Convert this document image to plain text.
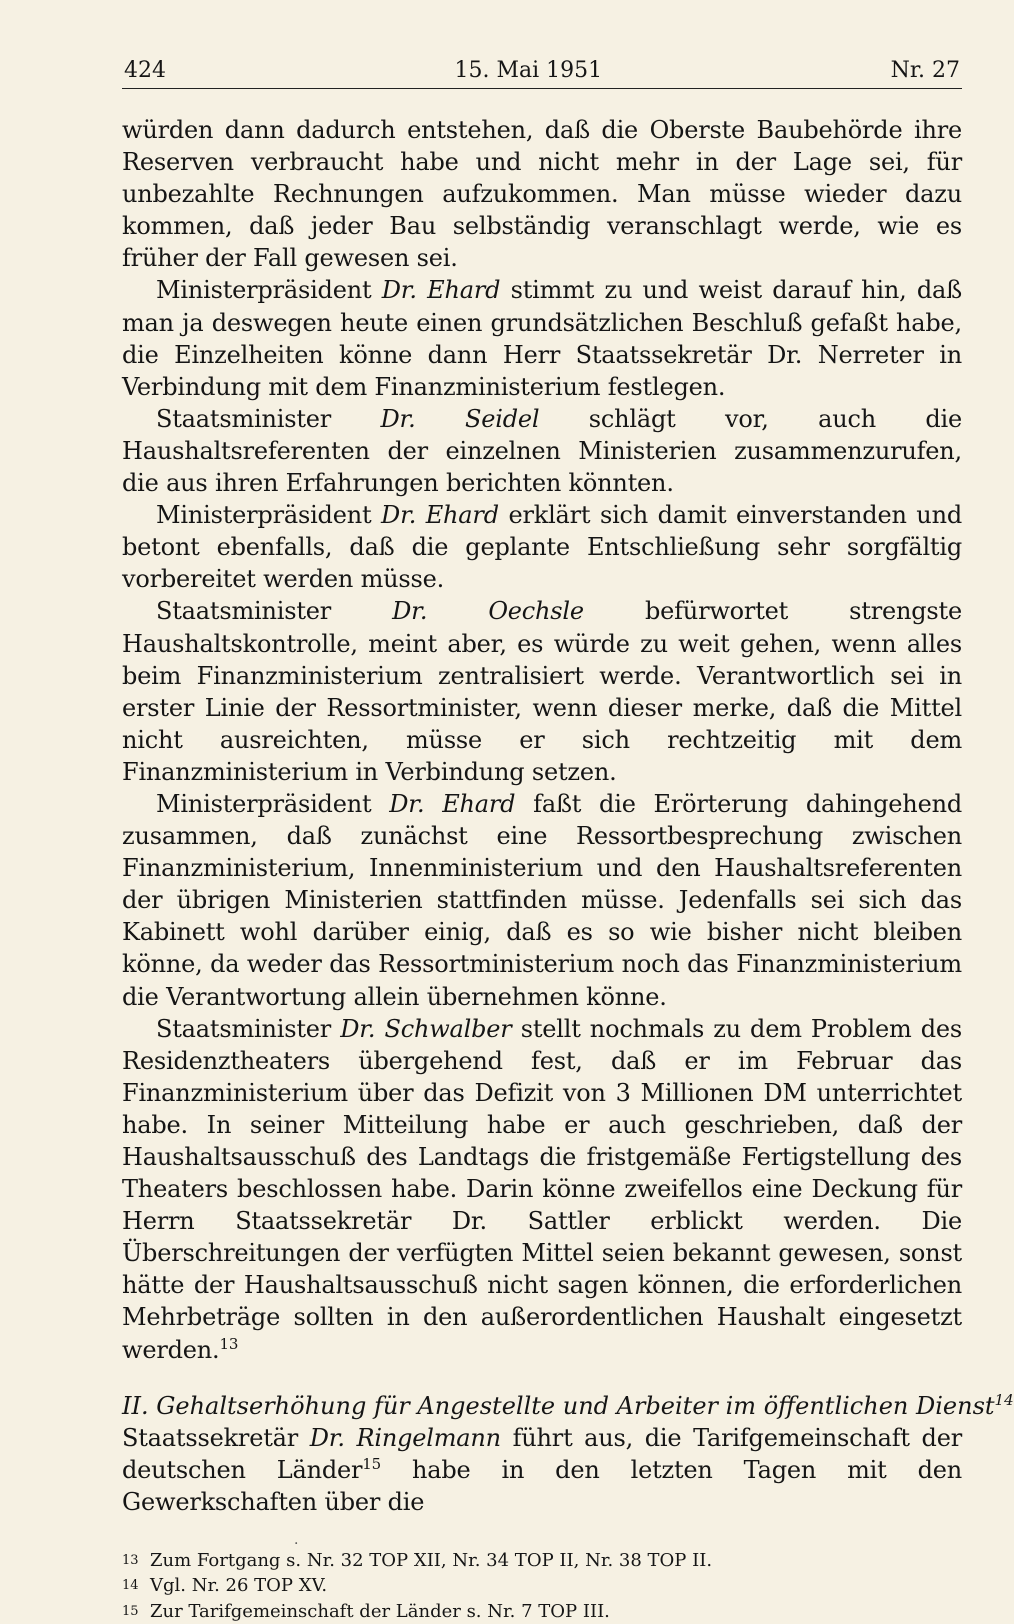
424	15. Mai 1951	Nr. 27

würden dann dadurch entstehen, daß die Oberste Baubehörde ihre Reserven verbraucht habe und nicht mehr in der Lage sei, für unbezahlte Rechnungen aufzukommen. Man müsse wieder dazu kommen, daß jeder Bau selbständig veranschlagt werde, wie es früher der Fall gewesen sei.

Ministerpräsident Dr. Ehard stimmt zu und weist darauf hin, daß man ja deswegen heute einen grundsätzlichen Beschluß gefaßt habe, die Einzelheiten könne dann Herr Staatssekretär Dr. Nerreter in Verbindung mit dem Finanzministerium festlegen.

Staatsminister Dr. Seidel schlägt vor, auch die Haushaltsreferenten der einzelnen Ministerien zusammenzurufen, die aus ihren Erfahrungen berichten könnten.

Ministerpräsident Dr. Ehard erklärt sich damit einverstanden und betont ebenfalls, daß die geplante Entschließung sehr sorgfältig vorbereitet werden müsse.

Staatsminister Dr. Oechsle befürwortet strengste Haushaltskontrolle, meint aber, es würde zu weit gehen, wenn alles beim Finanzministerium zentralisiert werde. Verantwortlich sei in erster Linie der Ressortminister, wenn dieser merke, daß die Mittel nicht ausreichten, müsse er sich rechtzeitig mit dem Finanzministerium in Verbindung setzen.

Ministerpräsident Dr. Ehard faßt die Erörterung dahingehend zusammen, daß zunächst eine Ressortbesprechung zwischen Finanzministerium, Innenministerium und den Haushaltsreferenten der übrigen Ministerien stattfinden müsse. Jedenfalls sei sich das Kabinett wohl darüber einig, daß es so wie bisher nicht bleiben könne, da weder das Ressortministerium noch das Finanzministerium die Verantwortung allein übernehmen könne.

Staatsminister Dr. Schwalber stellt nochmals zu dem Problem des Residenztheaters übergehend fest, daß er im Februar das Finanzministerium über das Defizit von 3 Millionen DM unterrichtet habe. In seiner Mitteilung habe er auch geschrieben, daß der Haushaltsausschuß des Landtags die fristgemäße Fertigstellung des Theaters beschlossen habe. Darin könne zweifellos eine Deckung für Herrn Staatssekretär Dr. Sattler erblickt werden. Die Überschreitungen der verfügten Mittel seien bekannt gewesen, sonst hätte der Haushaltsausschuß nicht sagen können, die erforderlichen Mehrbeträge sollten in den außerordentlichen Haushalt eingesetzt werden.$^{13}$

II. Gehaltserhöhung für Angestellte und Arbeiter im öffentlichen Dienst$^{14}$

Staatssekretär Dr. Ringelmann führt aus, die Tarifgemeinschaft der deutschen Länder$^{15}$ habe in den letzten Tagen mit den Gewerkschaften über die

13 Zum Fortgang s. Nr. 32 TOP XII, Nr. 34 TOP II, Nr. 38 TOP II.
14 Vgl. Nr. 26 TOP XV.
15 Zur Tarifgemeinschaft der Länder s. Nr. 7 TOP III.
·
